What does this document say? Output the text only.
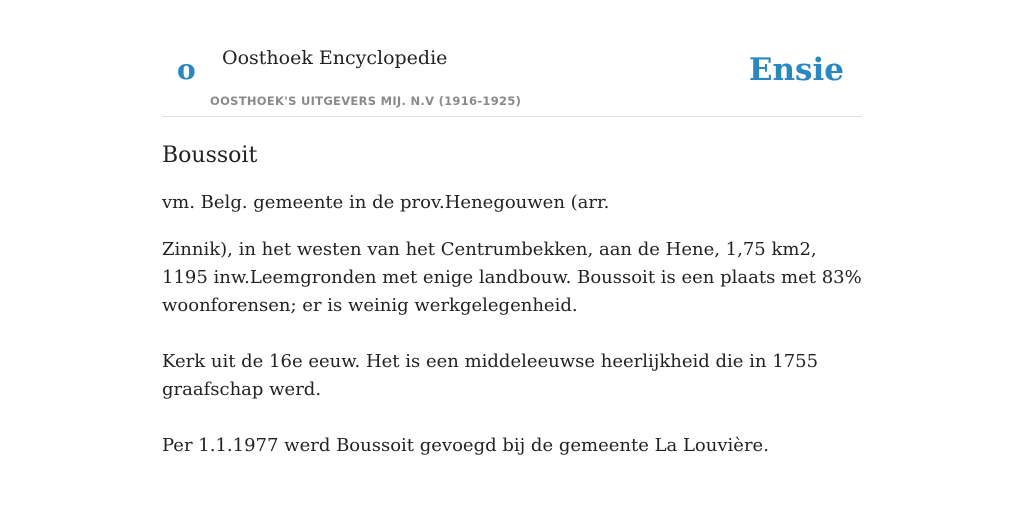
o Oosthoek Encyclopedie
OOSTHOEK'S UITGEVERS MIJ. N.V (1916-1925)
Ensie
Boussoit

vm. Belg. gemeente in de prov.Henegouwen (arr.

Zinnik), in het westen van het Centrumbekken, aan de Hene, 1,75 km2, 1195 inw.Leemgronden met enige landbouw. Boussoit is een plaats met 83% woonforensen; er is weinig werkgelegenheid.

Kerk uit de 16e eeuw. Het is een middeleeuwse heerlijkheid die in 1755 graafschap werd.

Per 1.1.1977 werd Boussoit gevoegd bij de gemeente La Louvière.
